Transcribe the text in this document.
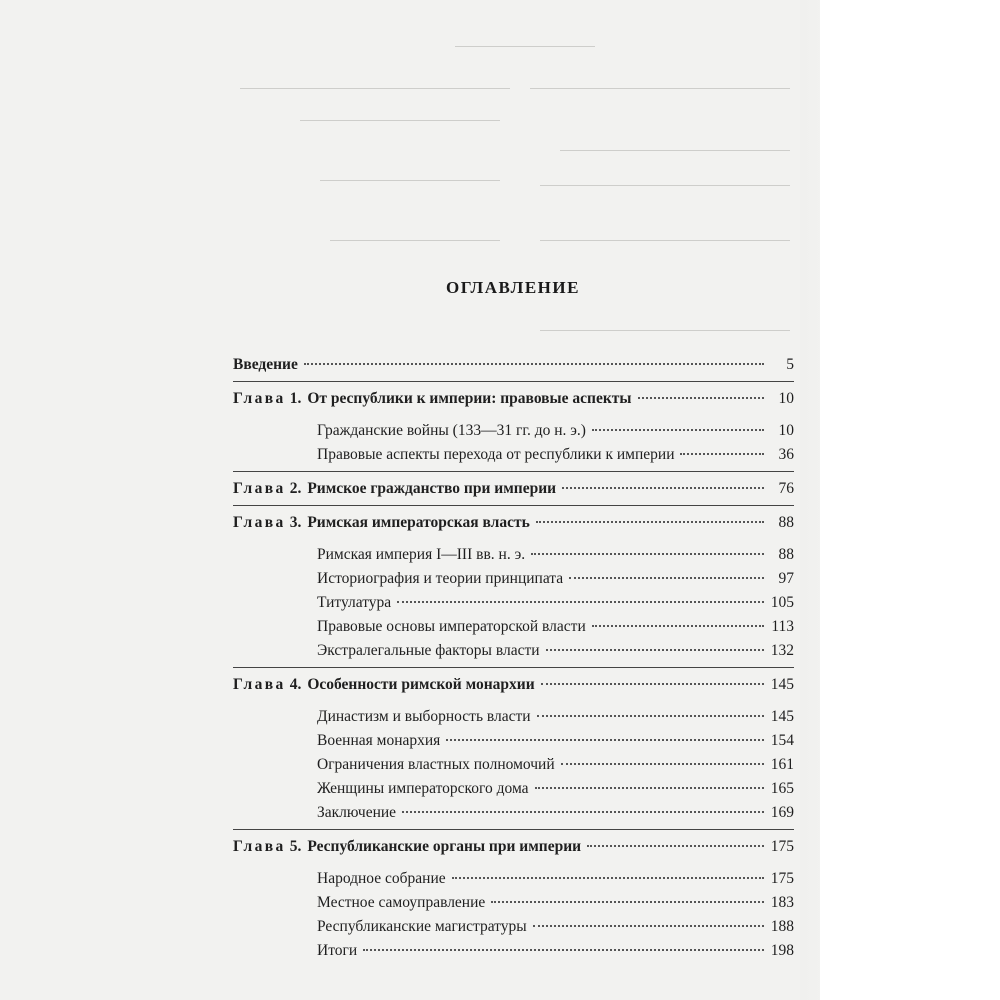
ОГЛАВЛЕНИЕ
Введение	5
Глава 1. От республики к империи: правовые аспекты	10
Гражданские войны (133—31 гг. до н. э.)	10
Правовые аспекты перехода от республики к империи	36
Глава 2. Римское гражданство при империи	76
Глава 3. Римская императорская власть	88
Римская империя I—III вв. н. э.	88
Историография и теории принципата	97
Титулатура	105
Правовые основы императорской власти	113
Экстралегальные факторы власти	132
Глава 4. Особенности римской монархии	145
Династизм и выборность власти	145
Военная монархия	154
Ограничения властных полномочий	161
Женщины императорского дома	165
Заключение	169
Глава 5. Республиканские органы при империи	175
Народное собрание	175
Местное самоуправление	183
Республиканские магистратуры	188
Итоги	198
